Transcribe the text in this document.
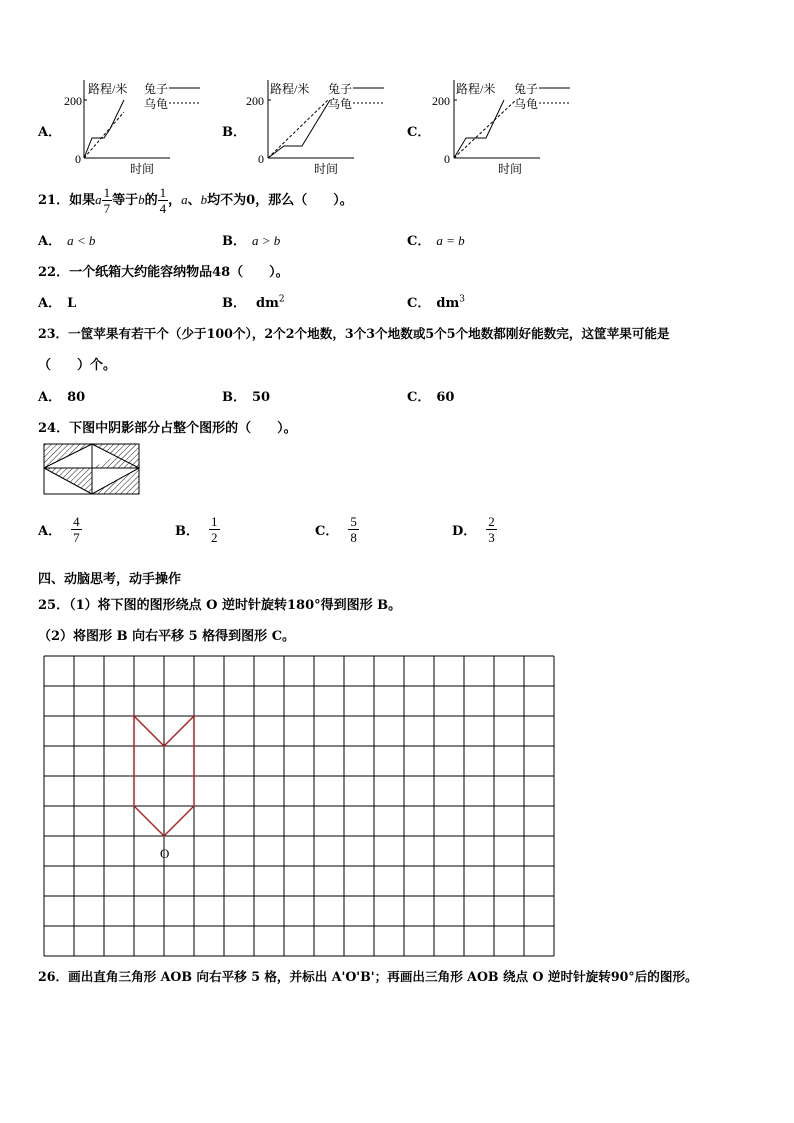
A．
路程/米
200
0
时间
兔子
乌龟
B．
路程/米
200
0
时间
兔子
乌龟
C．
路程/米
200
0
时间
兔子
乌龟
21．如果a $\frac{1}{7}$ 等于b的 $\frac{1}{4}$ ，a、b均不为0，那么（　　）。
A． a < b	B． a > b	C． a = b
22．一个纸箱大约能容纳物品48（　　）。
A． L	B． $dm^2$	C． $dm^3$
23．一筐苹果有若干个（少于100个），2个2个地数，3个3个地数或5个5个地数都刚好能数完，这筐苹果可能是
（　　）个。
A． 80	B． 50	C． 60
24．下图中阴影部分占整个图形的（　　）。
A． $\frac{4}{7}$	B． $\frac{1}{2}$	C． $\frac{5}{8}$	D． $\frac{2}{3}$
四、动脑思考，动手操作
25．（1）将下图的图形绕点 O 逆时针旋转180°得到图形 B。
（2）将图形 B 向右平移 5 格得到图形 C。
O
26．画出直角三角形 AOB 向右平移 5 格，并标出 A'O'B'；再画出三角形 AOB 绕点 O 逆时针旋转90°后的图形。
